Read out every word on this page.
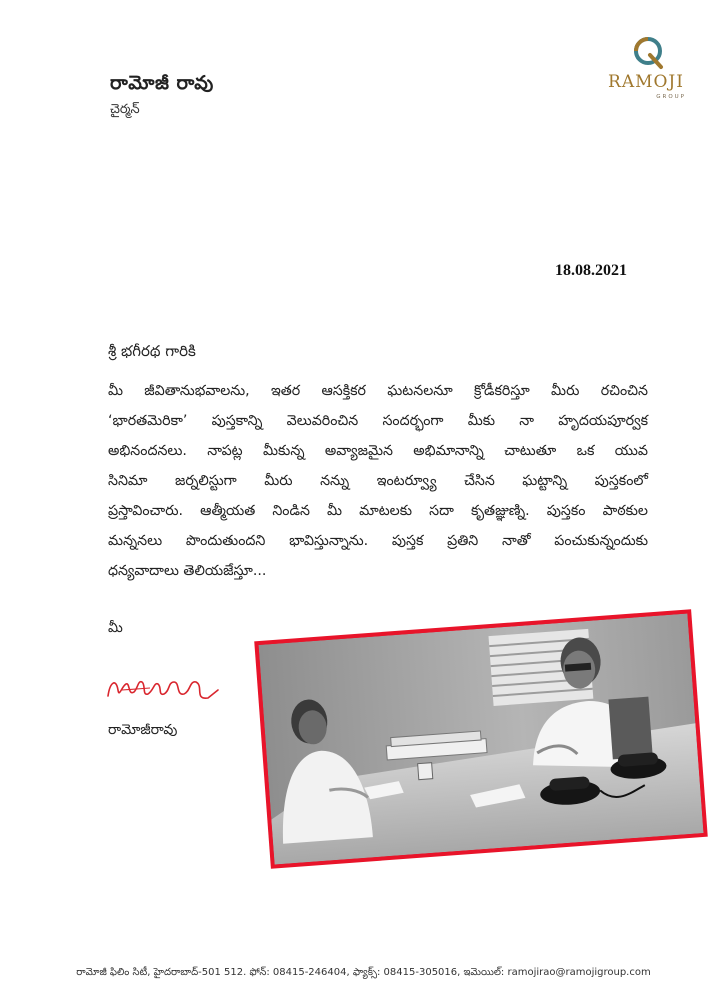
రామోజీ రావు
చైర్మన్
RAMOJI
GROUP
18.08.2021
శ్రీ భగీరథ గారికి
మీ జీవితానుభవాలను, ఇతర ఆసక్తికర ఘటనలనూ క్రోడీకరిస్తూ మీరు రచించిన
‘భారతమెరికా’ పుస్తకాన్ని వెలువరించిన సందర్భంగా మీకు నా హృదయపూర్వక
అభినందనలు. నాపట్ల మీకున్న అవ్యాజమైన అభిమానాన్ని చాటుతూ ఒక యువ
సినిమా జర్నలిస్టుగా మీరు నన్ను ఇంటర్వ్యూ చేసిన ఘట్టాన్ని పుస్తకంలో
ప్రస్తావించారు. ఆత్మీయత నిండిన మీ మాటలకు సదా కృతజ్ఞుణ్ని. పుస్తకం పాఠకుల
మన్ననలు పొందుతుందని భావిస్తున్నాను. పుస్తక ప్రతిని నాతో పంచుకున్నందుకు
ధన్యవాదాలు తెలియజేస్తూ...
మీ
రామోజీరావు
రామోజీ ఫిలిం సిటీ, హైదరాబాద్-501 512. ఫోన్: 08415-246404, ఫ్యాక్స్: 08415-305016, ఇమెయిల్: ramojirao@ramojigroup.com
